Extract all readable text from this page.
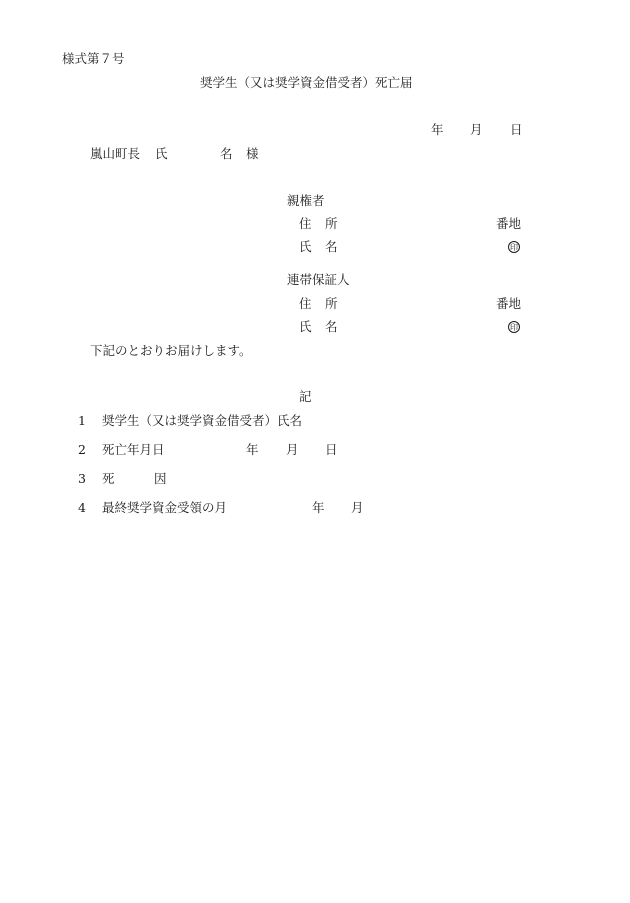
様式第７号
奨学生（又は奨学資金借受者）死亡届
年 月 日
嵐山町長 氏	名 様
親権者
住 所	番地
氏 名	印
連帯保証人
住 所	番地
氏 名	印
下記のとおりお届けします。
記
1 奨学生（又は奨学資金借受者）氏名
2 死亡年月日	年 月 日
3 死	因
4 最終奨学資金受領の月	年 月
